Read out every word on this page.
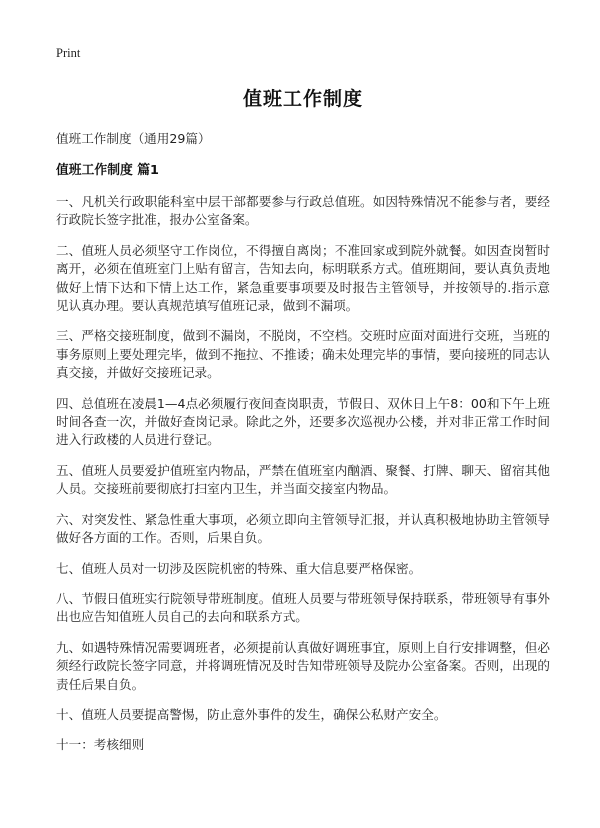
Print
值班工作制度

值班工作制度（通用29篇）

值班工作制度 篇1

一、凡机关行政职能科室中层干部都要参与行政总值班。如因特殊情况不能参与者，要经行政院长签字批准，报办公室备案。

二、值班人员必须坚守工作岗位，不得擅自离岗；不准回家或到院外就餐。如因查岗暂时离开，必须在值班室门上贴有留言，告知去向，标明联系方式。值班期间，要认真负责地做好上情下达和下情上达工作，紧急重要事项要及时报告主管领导，并按领导的.指示意见认真办理。要认真规范填写值班记录，做到不漏项。

三、严格交接班制度，做到不漏岗，不脱岗，不空档。交班时应面对面进行交班，当班的事务原则上要处理完毕，做到不拖拉、不推诿；确未处理完毕的事情，要向接班的同志认真交接，并做好交接班记录。

四、总值班在凌晨1—4点必须履行夜间查岗职责，节假日、双休日上午8：00和下午上班时间各查一次，并做好查岗记录。除此之外，还要多次巡视办公楼，并对非正常工作时间进入行政楼的人员进行登记。

五、值班人员要爱护值班室内物品，严禁在值班室内酗酒、聚餐、打牌、聊天、留宿其他人员。交接班前要彻底打扫室内卫生，并当面交接室内物品。

六、对突发性、紧急性重大事项，必须立即向主管领导汇报，并认真积极地协助主管领导做好各方面的工作。否则，后果自负。

七、值班人员对一切涉及医院机密的特殊、重大信息要严格保密。

八、节假日值班实行院领导带班制度。值班人员要与带班领导保持联系，带班领导有事外出也应告知值班人员自己的去向和联系方式。

九、如遇特殊情况需要调班者，必须提前认真做好调班事宜，原则上自行安排调整，但必须经行政院长签字同意，并将调班情况及时告知带班领导及院办公室备案。否则，出现的责任后果自负。

十、值班人员要提高警惕，防止意外事件的发生，确保公私财产安全。

十一：考核细则
